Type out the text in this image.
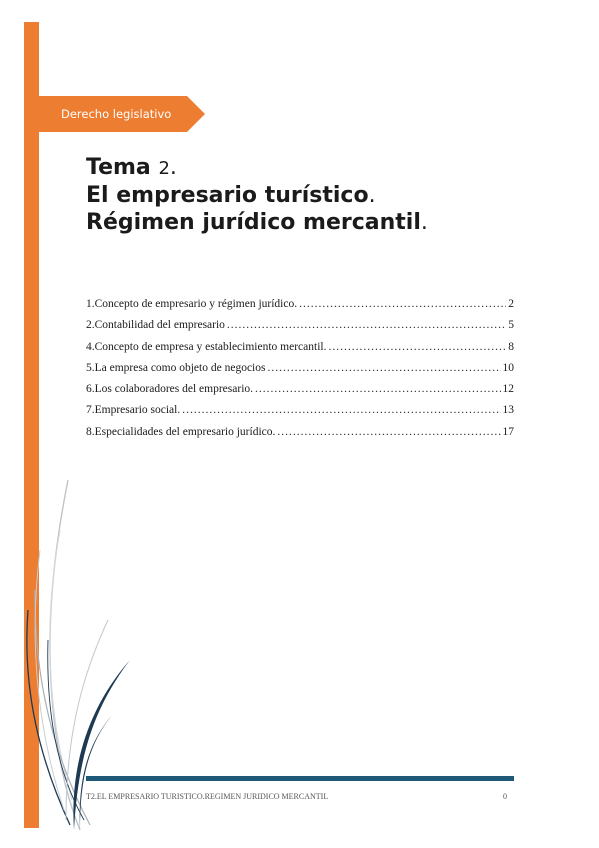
Derecho legislativo
Tema 2.
El empresario turístico.
Régimen jurídico mercantil.
1.Concepto de empresario y régimen jurídico. .....	2
2.Contabilidad del empresario .....	5
4.Concepto de empresa y establecimiento mercantil. .....	8
5.La empresa como objeto de negocios .....	10
6.Los colaboradores del empresario. .....	12
7.Empresario social. .....	13
8.Especialidades del empresario jurídico. .....	17
T2.EL EMPRESARIO TURISTICO.REGIMEN JURIDICO MERCANTIL	0
